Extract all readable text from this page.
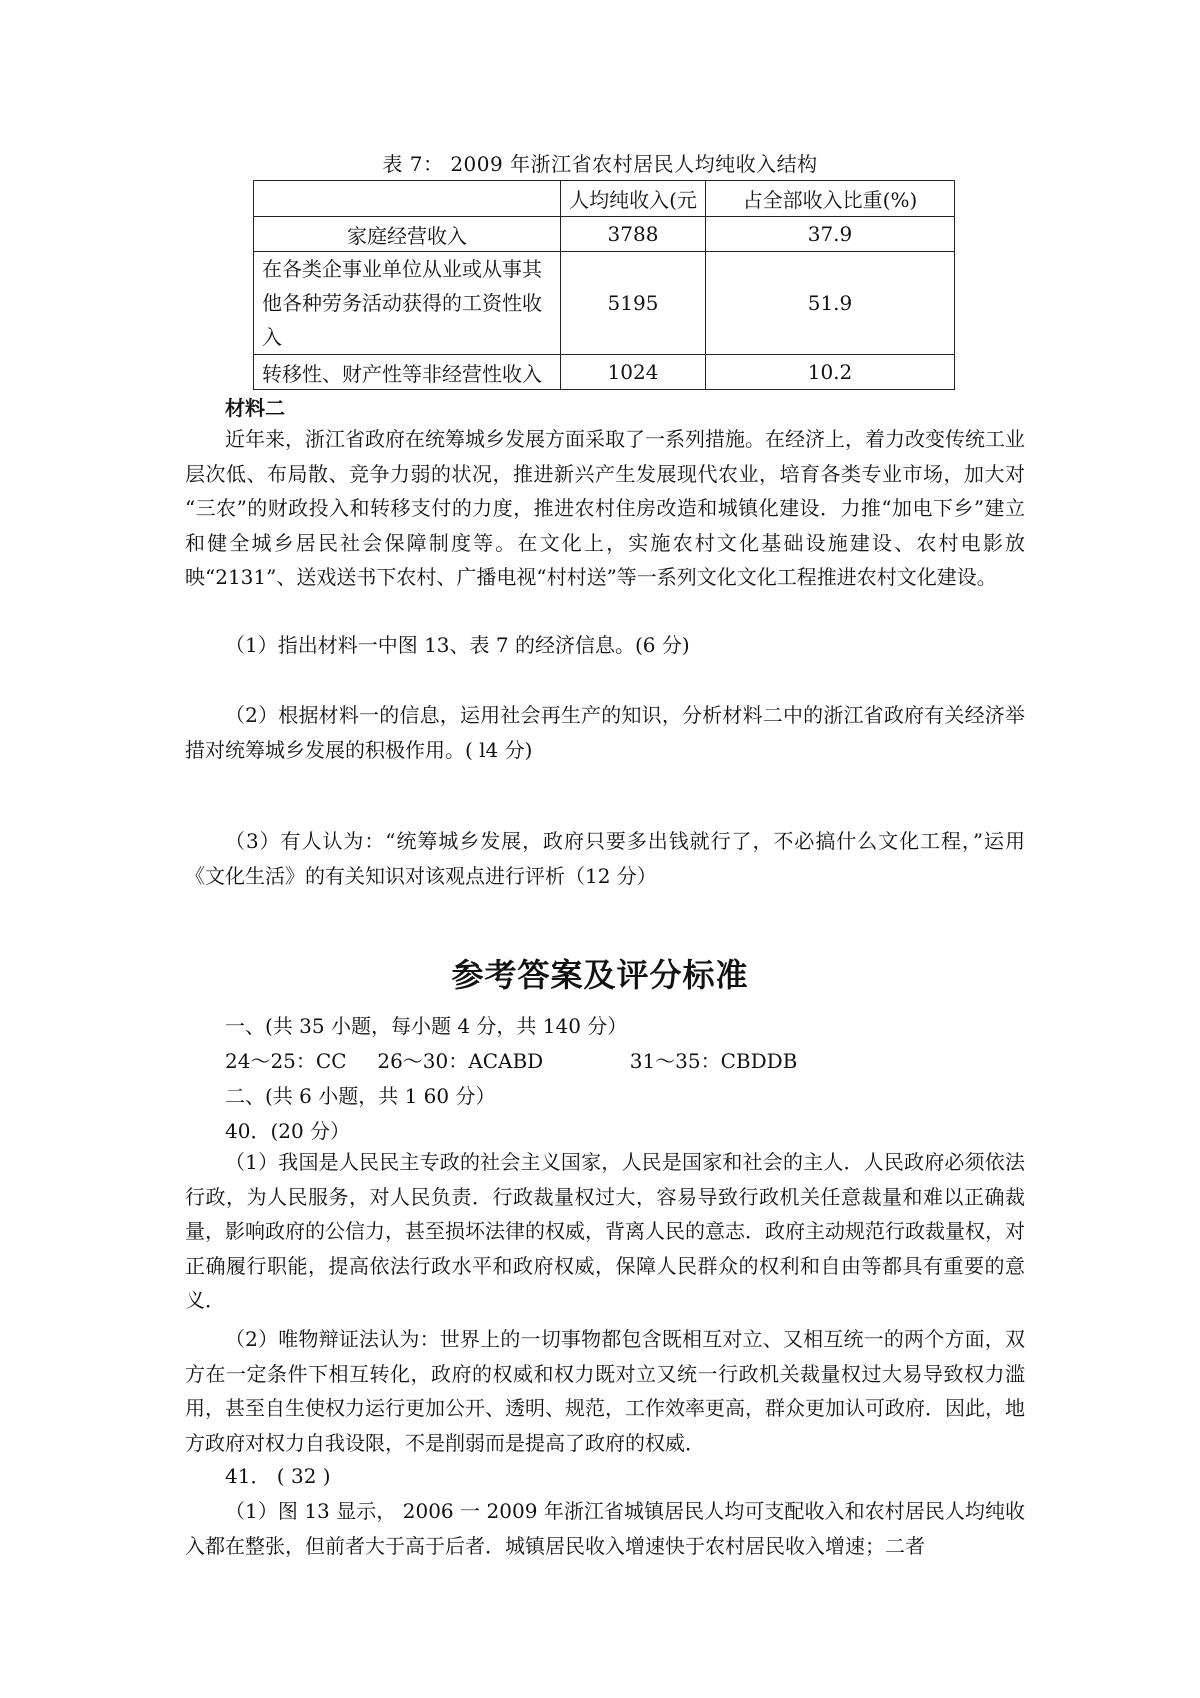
表 7： 2009 年浙江省农村居民人均纯收入结构
	人均纯收入(元	占全部收入比重(%)
家庭经营收入	3788	37.9
在各类企事业单位从业或从事其他各种劳务活动获得的工资性收入	5195	51.9
转移性、财产性等非经营性收入	1024	10.2
材料二
近年来，浙江省政府在统筹城乡发展方面采取了一系列措施。在经济上，着力改变传统工业层次低、布局散、竞争力弱的状况，推进新兴产生发展现代农业，培育各类专业市场，加大对 “三农”的财政投入和转移支付的力度，推进农村住房改造和城镇化建设．力推“加电下乡”建立和健全城乡居民社会保障制度等。在文化上，实施农村文化基础设施建设、农村电影放映“2131”、送戏送书下农村、广播电视“村村送”等一系列文化文化工程推进农村文化建设。
（1）指出材料一中图 13、表 7 的经济信息。(6 分)
（2）根据材料一的信息，运用社会再生产的知识，分析材料二中的浙江省政府有关经济举措对统筹城乡发展的积极作用。( l4 分)
（3）有人认为：“统筹城乡发展，政府只要多出钱就行了，不必搞什么文化工程，”运用《文化生活》的有关知识对该观点进行评析（12 分）
参考答案及评分标准
一、(共 35 小题，每小题 4 分，共 140 分）
24～25：CC 26～30：ACABD	31～35：CBDDB
二、(共 6 小题，共 1 60 分）
40．(20 分）
（1）我国是人民民主专政的社会主义国家，人民是国家和社会的主人．人民政府必须依法行政，为人民服务，对人民负责．行政裁量权过大，容易导致行政机关任意裁量和难以正确裁量，影响政府的公信力，甚至损坏法律的权威，背离人民的意志．政府主动规范行政裁量权，对正确履行职能，提高依法行政水平和政府权威，保障人民群众的权利和自由等都具有重要的意义．
（2）唯物辩证法认为：世界上的一切事物都包含既相互对立、又相互统一的两个方面，双方在一定条件下相互转化，政府的权威和权力既对立又统一行政机关裁量权过大易导致权力滥用，甚至自生使权力运行更加公开、透明、规范，工作效率更高，群众更加认可政府．因此，地方政府对权力自我设限，不是削弱而是提高了政府的权威．
41． ( 32 )
（1）图 13 显示， 2006 一 2009 年浙江省城镇居民人均可支配收入和农村居民人均纯收入都在整张，但前者大于高于后者．城镇居民收入增速快于农村居民收入增速；二者
